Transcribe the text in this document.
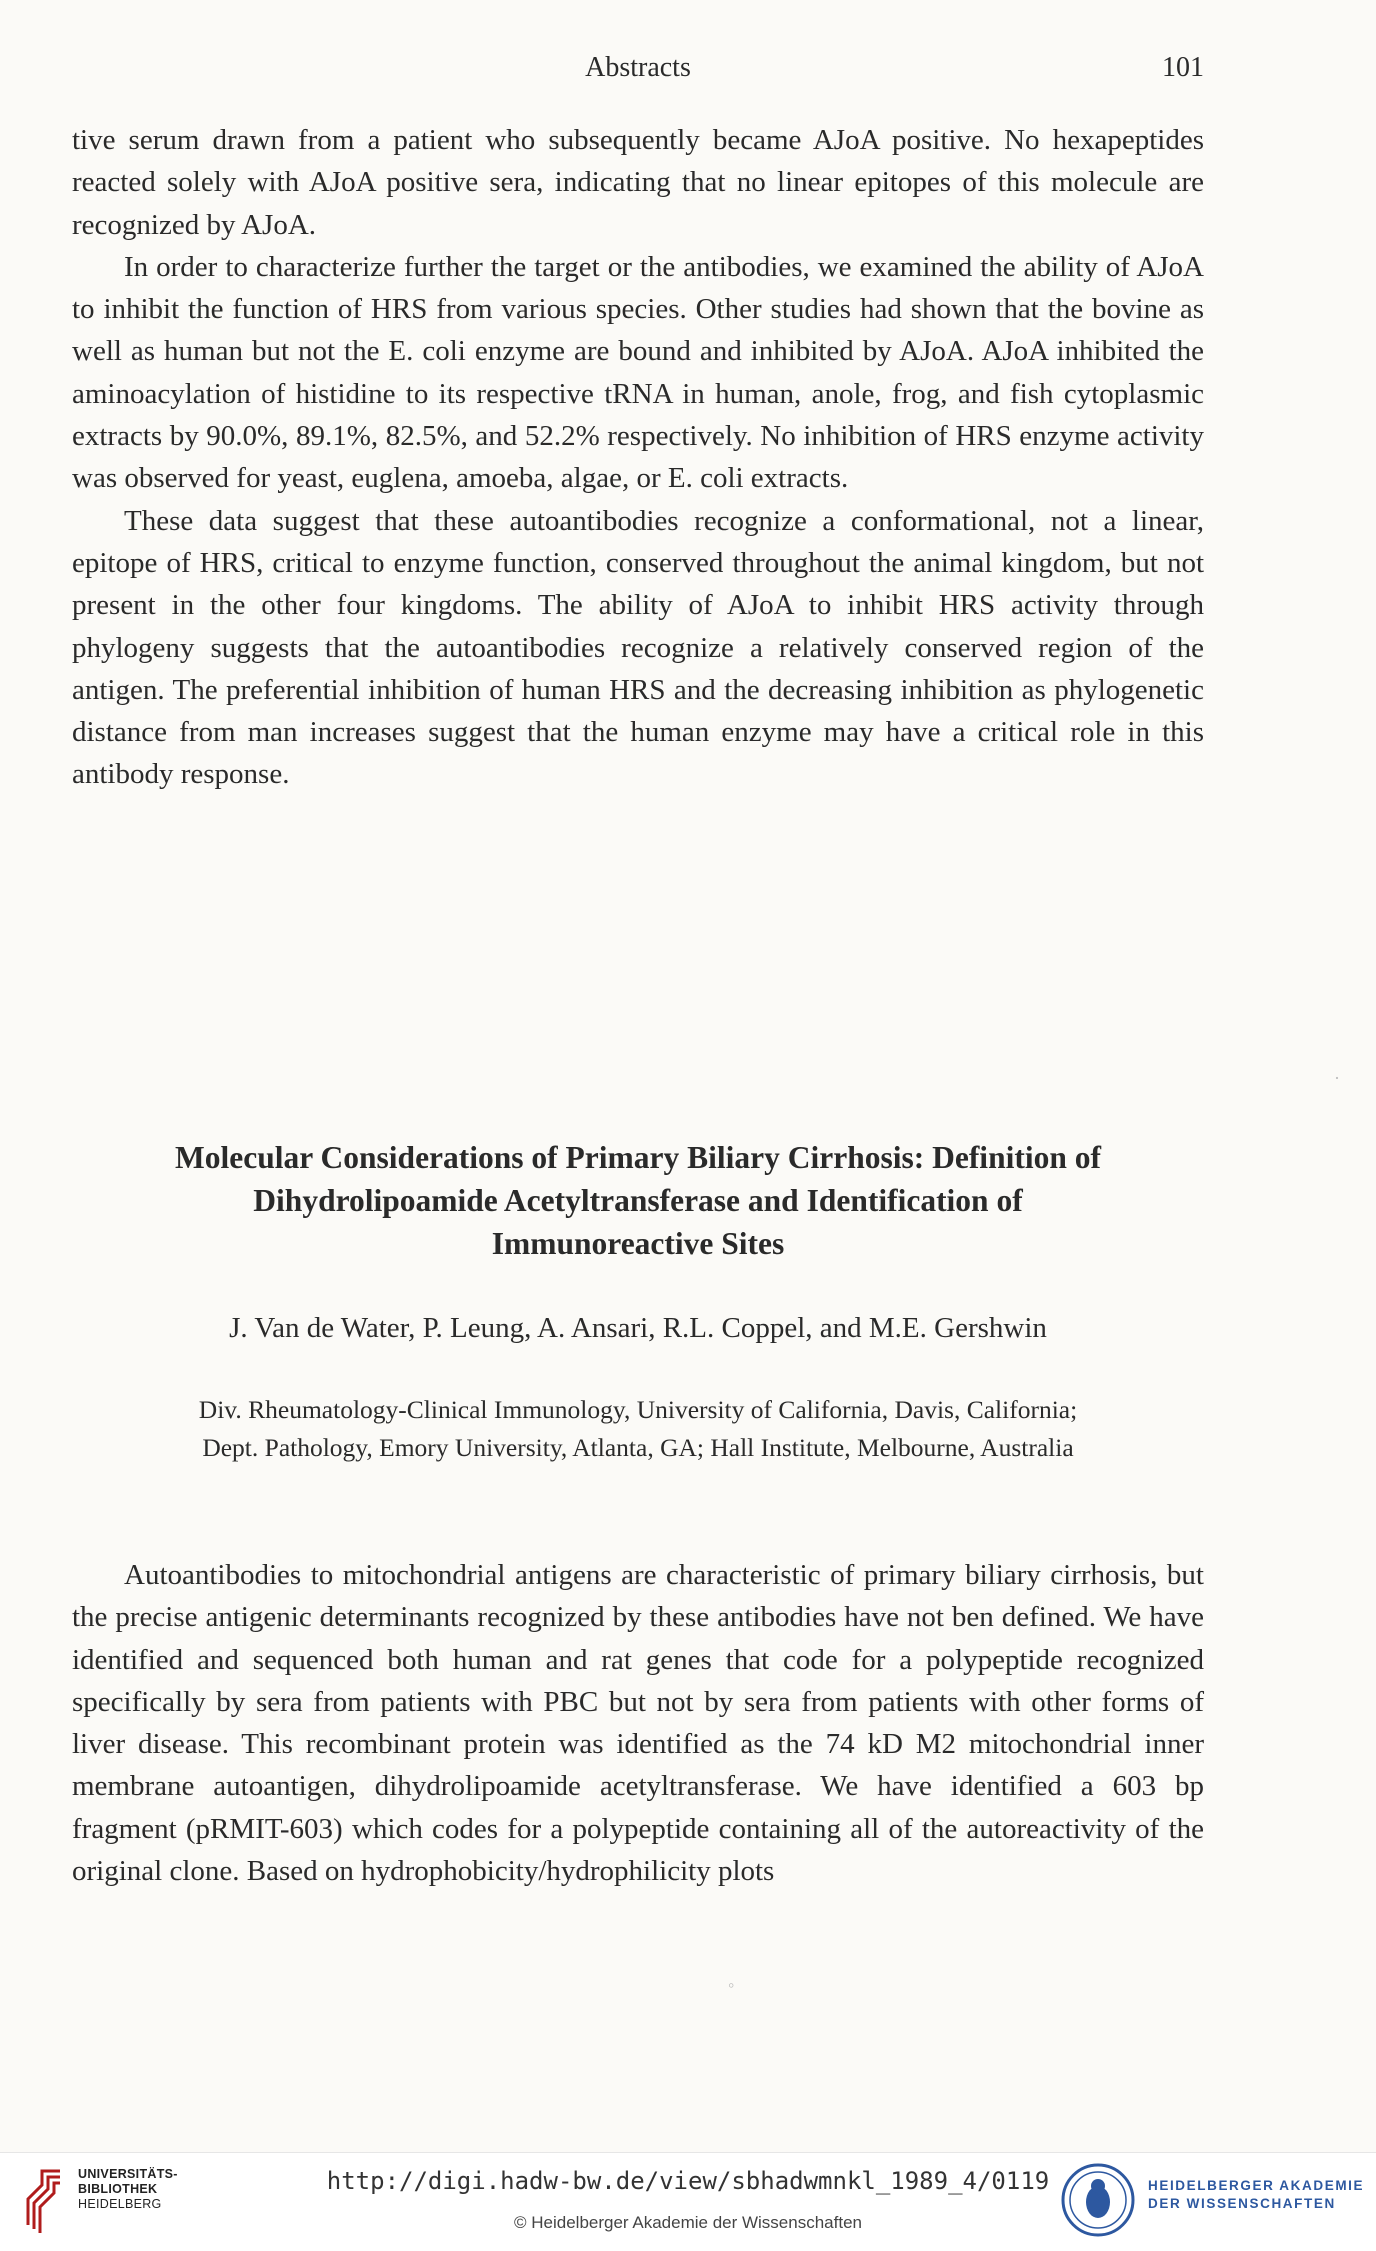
Abstracts	101

tive serum drawn from a patient who subsequently became AJoA positive. No hexapeptides reacted solely with AJoA positive sera, indicating that no linear epitopes of this molecule are recognized by AJoA.

In order to characterize further the target or the antibodies, we examined the ability of AJoA to inhibit the function of HRS from various species. Other studies had shown that the bovine as well as human but not the E. coli enzyme are bound and inhibited by AJoA. AJoA inhibited the aminoacylation of histidine to its respective tRNA in human, anole, frog, and fish cytoplasmic extracts by 90.0%, 89.1%, 82.5%, and 52.2% respectively. No inhibition of HRS enzyme activity was observed for yeast, euglena, amoeba, algae, or E. coli extracts.

These data suggest that these autoantibodies recognize a conformational, not a linear, epitope of HRS, critical to enzyme function, conserved throughout the animal kingdom, but not present in the other four kingdoms. The ability of AJoA to inhibit HRS activity through phylogeny suggests that the autoantibodies recognize a relatively conserved region of the antigen. The preferential inhibition of human HRS and the decreasing inhibition as phylogenetic distance from man increases suggest that the human enzyme may have a critical role in this antibody response.

Molecular Considerations of Primary Biliary Cirrhosis: Definition of
Dihydrolipoamide Acetyltransferase and Identification of
Immunoreactive Sites
J. Van de Water, P. Leung, A. Ansari, R.L. Coppel, and M.E. Gershwin
Div. Rheumatology-Clinical Immunology, University of California, Davis, California;
Dept. Pathology, Emory University, Atlanta, GA; Hall Institute, Melbourne, Australia

Autoantibodies to mitochondrial antigens are characteristic of primary biliary cirrhosis, but the precise antigenic determinants recognized by these antibodies have not ben defined. We have identified and sequenced both human and rat genes that code for a polypeptide recognized specifically by sera from patients with PBC but not by sera from patients with other forms of liver disease. This recombinant protein was identified as the 74 kD M2 mitochondrial inner membrane autoantigen, dihydrolipoamide acetyltransferase. We have identified a 603 bp fragment (pRMIT-603) which codes for a polypeptide containing all of the autoreactivity of the original clone. Based on hydrophobicity/hydrophilicity plots

·
◦
UNIVERSITÄTS-
BIBLIOTHEK
HEIDELBERG
http://digi.hadw-bw.de/view/sbhadwmnkl_1989_4/0119
© Heidelberger Akademie der Wissenschaften
HEIDELBERGER AKADEMIE
DER WISSENSCHAFTEN
